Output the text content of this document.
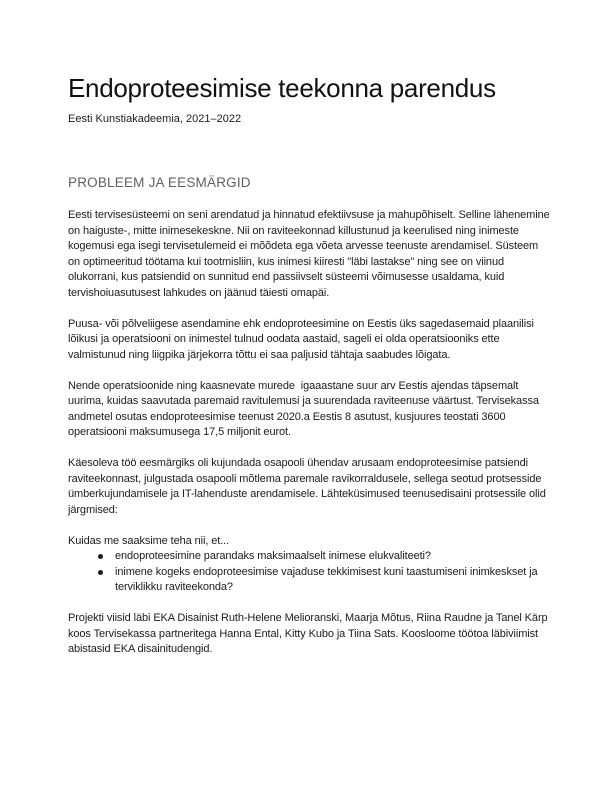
Endoproteesimise teekonna parendus

Eesti Kunstiakadeemia, 2021–2022

PROBLEEM JA EESMÄRGID

Eesti tervisesüsteemi on seni arendatud ja hinnatud efektiivsuse ja mahupõhiselt. Selline lähenemine on haiguste-, mitte inimesekeskne. Nii on raviteekonnad killustunud ja keerulised ning inimeste kogemusi ega isegi tervisetulemeid ei mõõdeta ega võeta arvesse teenuste arendamisel. Süsteem on optimeeritud töötama kui tootmisliin, kus inimesi kiiresti "läbi lastakse" ning see on viinud olukorrani, kus patsiendid on sunnitud end passiivselt süsteemi võimusesse usaldama, kuid tervishoiuasutusest lahkudes on jäänud täiesti omapäi.

Puusa- või põlveliigese asendamine ehk endoproteesimine on Eestis üks sagedasemaid plaanilisi lõikusi ja operatsiooni on inimestel tulnud oodata aastaid, sageli ei olda operatsiooniks ette valmistunud ning liigpika järjekorra tõttu ei saa paljusid tähtaja saabudes lõigata.

Nende operatsioonide ning kaasnevate murede  igaaastane suur arv Eestis ajendas täpsemalt uurima, kuidas saavutada paremaid ravitulemusi ja suurendada raviteenuse väärtust. Tervisekassa andmetel osutas endoproteesimise teenust 2020.a Eestis 8 asutust, kusjuures teostati 3600 operatsiooni maksumusega 17,5 miljonit eurot.

Käesoleva töö eesmärgiks oli kujundada osapooli ühendav arusaam endoproteesimise patsiendi raviteekonnast, julgustada osapooli mõtlema paremale ravikorraldusele, sellega seotud protsesside ümberkujundamisele ja IT-lahenduste arendamisele. Lähteküsimused teenusedisaini protsessile olid järgmised:

Kuidas me saaksime teha nii, et...

endoproteesimine parandaks maksimaalselt inimese elukvaliteeti?
inimene kogeks endoproteesimise vajaduse tekkimisest kuni taastumiseni inimkeskset ja terviklikku raviteekonda?

Projekti viisid läbi EKA Disainist Ruth-Helene Melioranski, Maarja Mõtus, Riina Raudne ja Tanel Kärp koos Tervisekassa partneritega Hanna Ental, Kitty Kubo ja Tiina Sats. Koosloome töötoa läbiviimist abistasid EKA disainitudengid.
